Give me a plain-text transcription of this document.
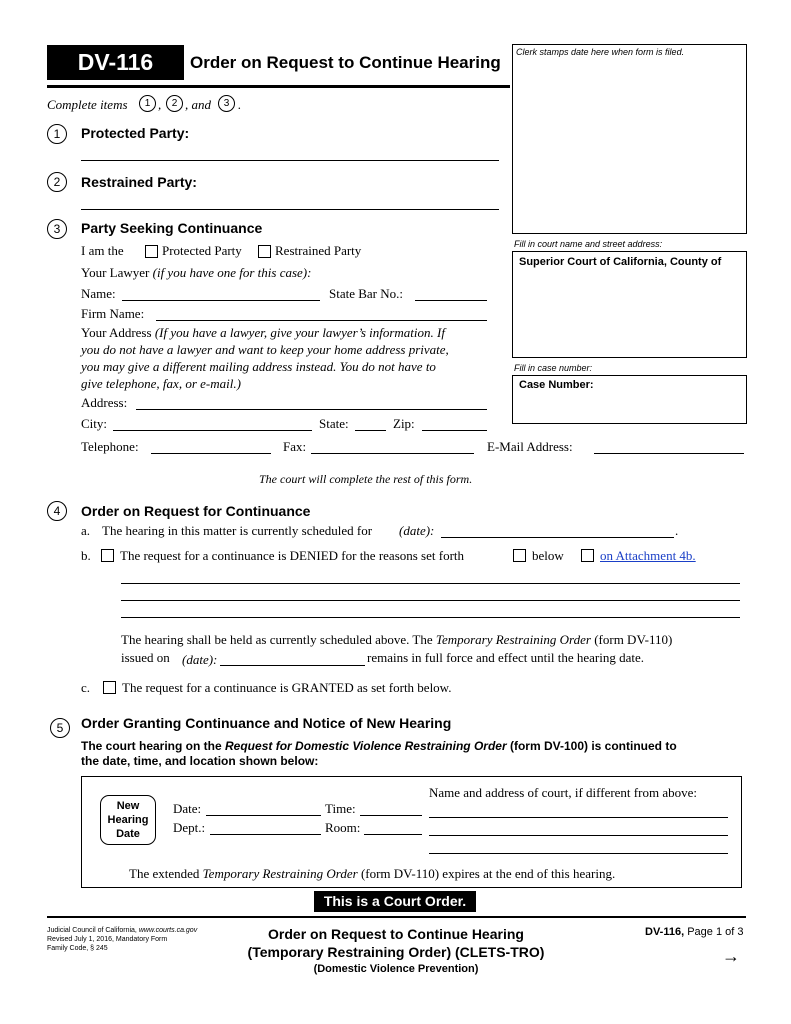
DV-116	Order on Request to Continue Hearing
Clerk stamps date here when form is filed.
Fill in court name and street address:
Superior Court of California, County of
Fill in case number:
Case Number:
Complete items	1 ,	2 , and	3 .
1	Protected Party:
2	Restrained Party:
3	Party Seeking Continuance
I am the	Protected Party	Restrained Party
Your Lawyer (if you have one for this case):
Name:	State Bar No.:
Firm Name:
Your Address (If you have a lawyer, give your lawyer’s information. If
you do not have a lawyer and want to keep your home address private,
you may give a different mailing address instead. You do not have to
give telephone, fax, or e-mail.)
Address:
City:	State:	Zip:
Telephone:	Fax:	E-Mail Address:
The court will complete the rest of this form.
4	Order on Request for Continuance
a. The hearing in this matter is currently scheduled for (date):	.
b. The request for a continuance is DENIED for the reasons set forth	below	on Attachment 4b.
The hearing shall be held as currently scheduled above. The Temporary Restraining Order (form DV-110)
issued on (date):	remains in full force and effect until the hearing date.
c. The request for a continuance is GRANTED as set forth below.
5	Order Granting Continuance and Notice of New Hearing
The court hearing on the Request for Domestic Violence Restraining Order (form DV-100) is continued to
the date, time, and location shown below:
New
Hearing
Date
Date:	Time:
Dept.:	Room:
Name and address of court, if different from above:
The extended Temporary Restraining Order (form DV-110) expires at the end of this hearing.
This is a Court Order.
Judicial Council of California, www.courts.ca.gov
Revised July 1, 2016, Mandatory Form
Family Code, § 245
Order on Request to Continue Hearing
(Temporary Restraining Order) (CLETS-TRO)
(Domestic Violence Prevention)
DV-116, Page 1 of 3
→
